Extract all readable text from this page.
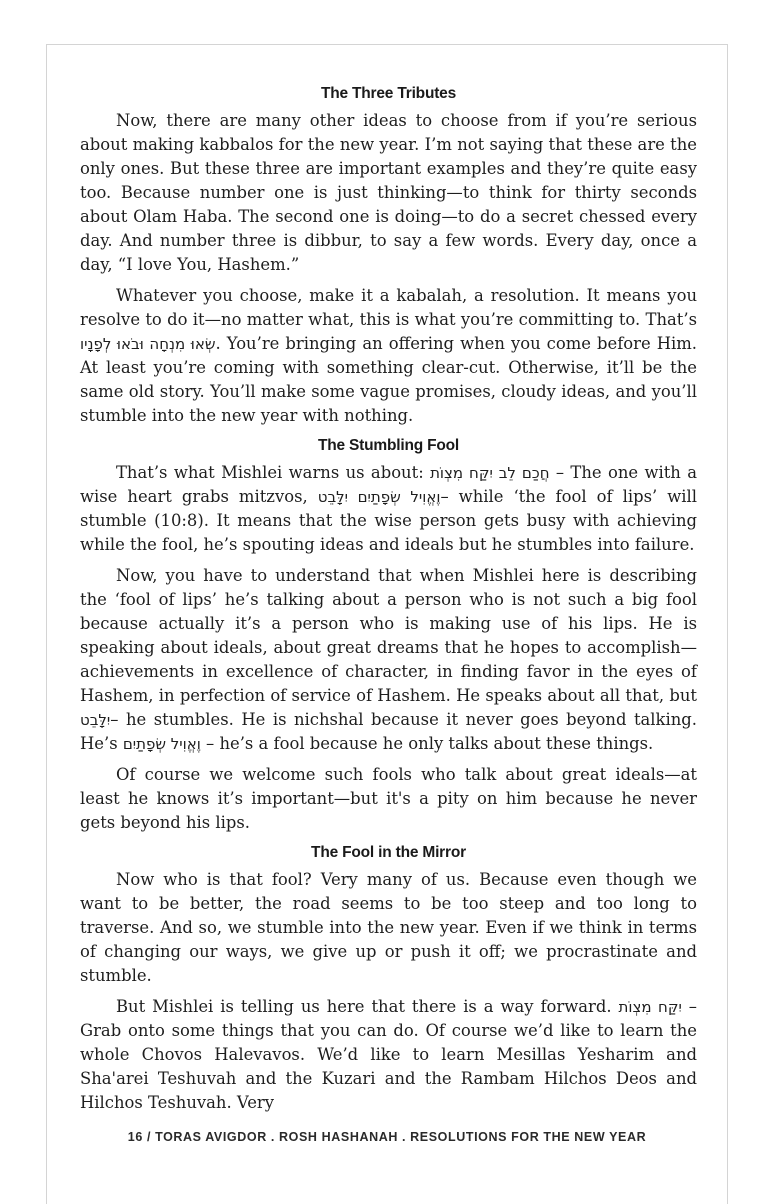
The Three Tributes

Now, there are many other ideas to choose from if you’re serious about making kabbalos for the new year. I’m not saying that these are the only ones. But these three are important examples and they’re quite easy too. Because number one is just thinking—to think for thirty seconds about Olam Haba. The second one is doing—to do a secret chessed every day. And number three is dibbur, to say a few words. Every day, once a day, “I love You, Hashem.”

Whatever you choose, make it a kabalah, a resolution. It means you resolve to do it—no matter what, this is what you’re committing to. That’s שְׂאוּ מִנְחָה וּבֹאוּ לְפָנָיו. You’re bringing an offering when you come before Him. At least you’re coming with something clear-cut. Otherwise, it’ll be the same old story. You’ll make some vague promises, cloudy ideas, and you’ll stumble into the new year with nothing.

The Stumbling Fool

That’s what Mishlei warns us about: חֲכַם לֵב יִקַּח מִצְוֹת – The one with a wise heart grabs mitzvos, וֶאֱוִיל שְׂפָתַיִם יִלָּבֵט– while ‘the fool of lips’ will stumble (10:8). It means that the wise person gets busy with achieving while the fool, he’s spouting ideas and ideals but he stumbles into failure.

Now, you have to understand that when Mishlei here is describing the ‘fool of lips’ he’s talking about a person who is not such a big fool because actually it’s a person who is making use of his lips. He is speaking about ideals, about great dreams that he hopes to accomplish—achievements in excellence of character, in finding favor in the eyes of Hashem, in perfection of service of Hashem. He speaks about all that, but יִלָּבֵט– he stumbles. He is nichshal because it never goes beyond talking. He’s וֶאֱוִיל שְׂפָתַיִם – he’s a fool because he only talks about these things.

Of course we welcome such fools who talk about great ideals—at least he knows it’s important—but it's a pity on him because he never gets beyond his lips.

The Fool in the Mirror

Now who is that fool? Very many of us. Because even though we want to be better, the road seems to be too steep and too long to traverse. And so, we stumble into the new year. Even if we think in terms of changing our ways, we give up or push it off; we procrastinate and stumble.

But Mishlei is telling us here that there is a way forward. יִקַּח מִצְוֹת – Grab onto some things that you can do. Of course we’d like to learn the whole Chovos Halevavos. We’d like to learn Mesillas Yesharim and Sha'arei Teshuvah and the Kuzari and the Rambam Hilchos Deos and Hilchos Teshuvah. Very

16 / TORAS AVIGDOR . ROSH HASHANAH . RESOLUTIONS FOR THE NEW YEAR
